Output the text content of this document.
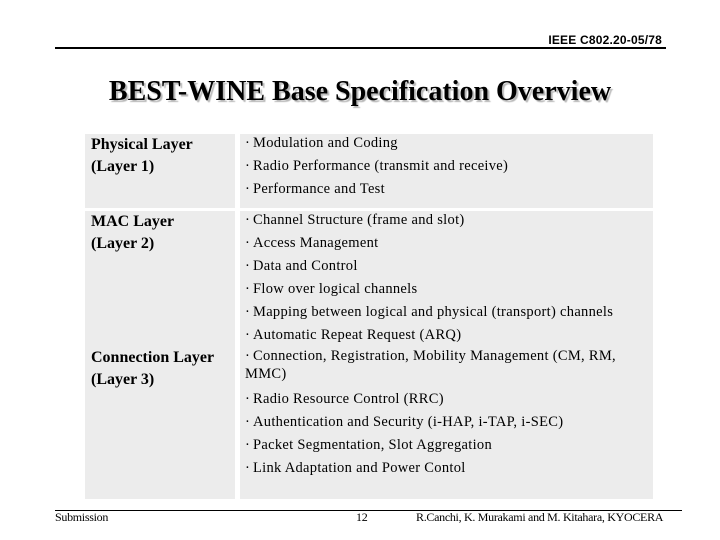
IEEE C802.20-05/78
BEST-WINE Base Specification Overview
Physical Layer
(Layer 1)
· Modulation and Coding
· Radio Performance (transmit and receive)
· Performance and Test
MAC Layer
(Layer 2)
· Channel Structure (frame and slot)
· Access Management
· Data and Control
· Flow over logical channels
· Mapping between logical and physical (transport) channels
· Automatic Repeat Request (ARQ)
Connection Layer
(Layer 3)
· Connection, Registration, Mobility Management (CM, RM, MMC)
· Radio Resource Control (RRC)
· Authentication and Security (i-HAP, i-TAP, i-SEC)
· Packet Segmentation, Slot Aggregation
· Link Adaptation and Power Contol
Submission	12	R.Canchi, K. Murakami and M. Kitahara, KYOCERA
